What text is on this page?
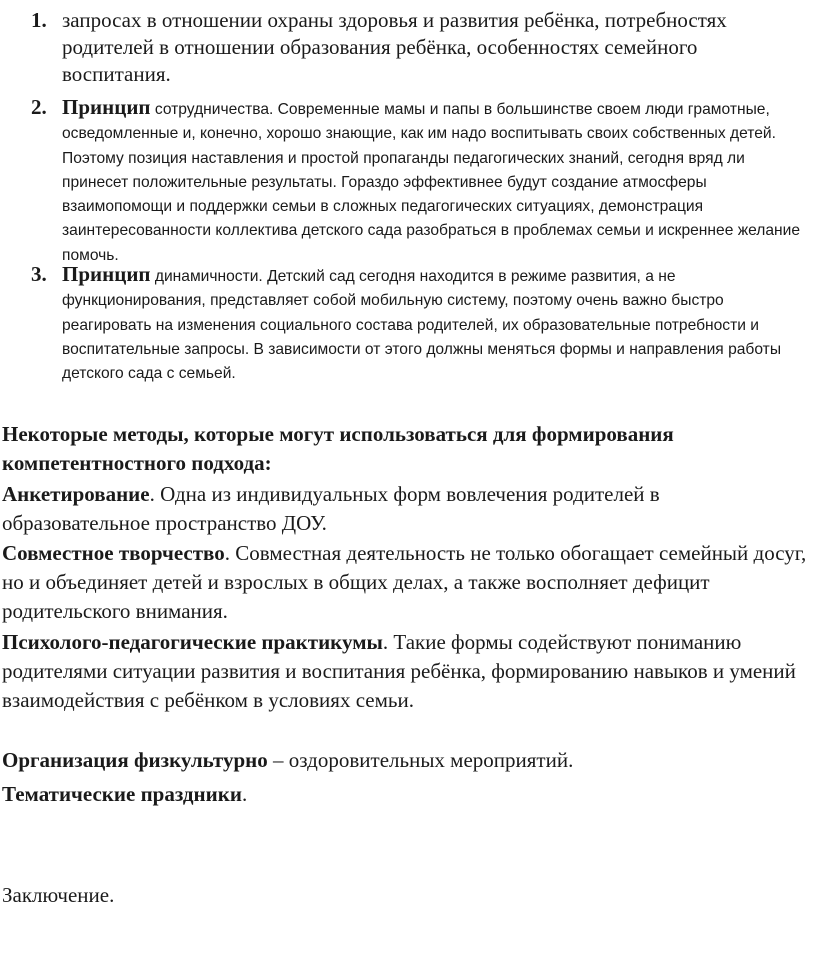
1. запросах в отношении охраны здоровья и развития ребёнка, потребностях родителей в отношении образования ребёнка, особенностях семейного воспитания.
2. Принцип сотрудничества. Современные мамы и папы в большинстве своем люди грамотные, осведомленные и, конечно, хорошо знающие, как им надо воспитывать своих собственных детей. Поэтому позиция наставления и простой пропаганды педагогических знаний, сегодня вряд ли принесет положительные результаты. Гораздо эффективнее будут создание атмосферы взаимопомощи и поддержки семьи в сложных педагогических ситуациях, демонстрация заинтересованности коллектива детского сада разобраться в проблемах семьи и искреннее желание помочь.
3. Принцип динамичности. Детский сад сегодня находится в режиме развития, а не функционирования, представляет собой мобильную систему, поэтому очень важно быстро реагировать на изменения социального состава родителей, их образовательные потребности и воспитательные запросы. В зависимости от этого должны меняться формы и направления работы детского сада с семьей.
Некоторые методы, которые могут использоваться для формирования компетентностного подхода:
Анкетирование. Одна из индивидуальных форм вовлечения родителей в образовательное пространство ДОУ.
Совместное творчество. Совместная деятельность не только обогащает семейный досуг, но и объединяет детей и взрослых в общих делах, а также восполняет дефицит родительского внимания.
Психолого-педагогические практикумы. Такие формы содействуют пониманию родителями ситуации развития и воспитания ребёнка, формированию навыков и умений взаимодействия с ребёнком в условиях семьи.
Организация физкультурно – оздоровительных мероприятий.
Тематические праздники.
Заключение.
